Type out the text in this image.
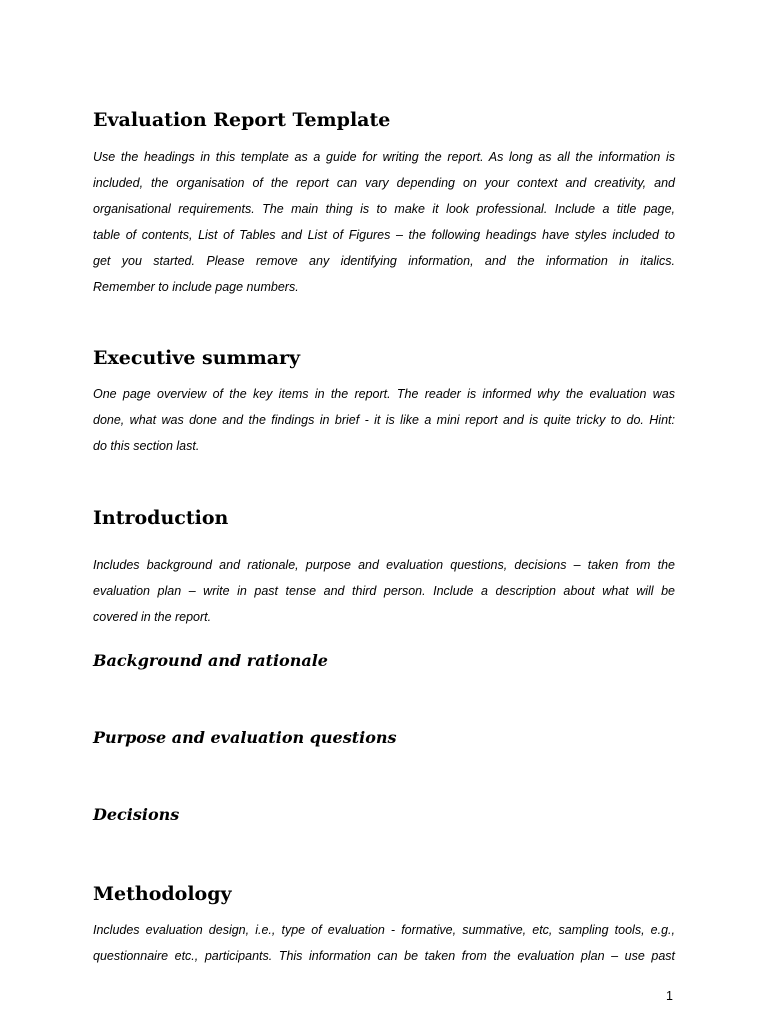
Evaluation Report Template
Use the headings in this template as a guide for writing the report. As long as all the information is
included, the organisation of the report can vary depending on your context and creativity, and
organisational requirements. The main thing is to make it look professional. Include a title page,
table of contents, List of Tables and List of Figures – the following headings have styles included to
get you started. Please remove any identifying information, and the information in italics.
Remember to include page numbers.
Executive summary
One page overview of the key items in the report. The reader is informed why the evaluation was
done, what was done and the findings in brief - it is like a mini report and is quite tricky to do. Hint:
do this section last.
Introduction
Includes background and rationale, purpose and evaluation questions, decisions – taken from the
evaluation plan – write in past tense and third person. Include a description about what will be
covered in the report.
Background and rationale
Purpose and evaluation questions
Decisions
Methodology
Includes evaluation design, i.e., type of evaluation - formative, summative, etc, sampling tools, e.g.,
questionnaire etc., participants. This information can be taken from the evaluation plan – use past
1
